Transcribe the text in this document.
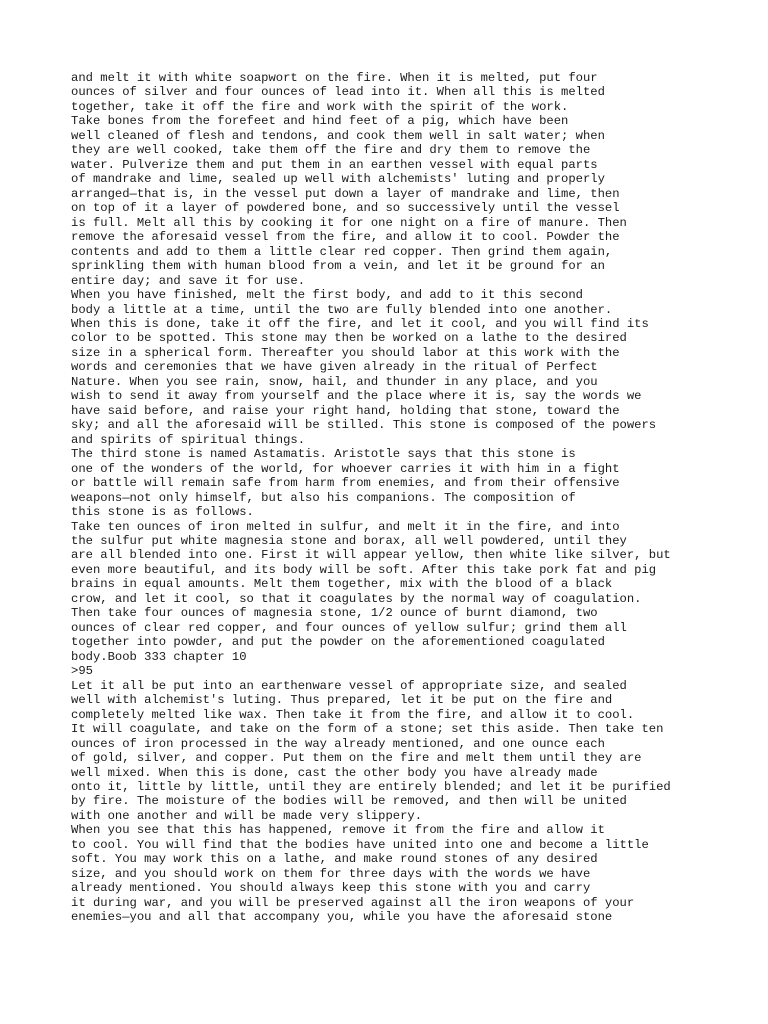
and melt it with white soapwort on the fire. When it is melted, put four
ounces of silver and four ounces of lead into it. When all this is melted
together, take it off the fire and work with the spirit of the work.
Take bones from the forefeet and hind feet of a pig, which have been
well cleaned of flesh and tendons, and cook them well in salt water; when
they are well cooked, take them off the fire and dry them to remove the
water. Pulverize them and put them in an earthen vessel with equal parts
of mandrake and lime, sealed up well with alchemists' luting and properly
arranged—that is, in the vessel put down a layer of mandrake and lime, then
on top of it a layer of powdered bone, and so successively until the vessel
is full. Melt all this by cooking it for one night on a fire of manure. Then
remove the aforesaid vessel from the fire, and allow it to cool. Powder the
contents and add to them a little clear red copper. Then grind them again,
sprinkling them with human blood from a vein, and let it be ground for an
entire day; and save it for use.
When you have finished, melt the first body, and add to it this second
body a little at a time, until the two are fully blended into one another.
When this is done, take it off the fire, and let it cool, and you will find its
color to be spotted. This stone may then be worked on a lathe to the desired
size in a spherical form. Thereafter you should labor at this work with the
words and ceremonies that we have given already in the ritual of Perfect
Nature. When you see rain, snow, hail, and thunder in any place, and you
wish to send it away from yourself and the place where it is, say the words we
have said before, and raise your right hand, holding that stone, toward the
sky; and all the aforesaid will be stilled. This stone is composed of the powers
and spirits of spiritual things.
The third stone is named Astamatis. Aristotle says that this stone is
one of the wonders of the world, for whoever carries it with him in a fight
or battle will remain safe from harm from enemies, and from their offensive
weapons—not only himself, but also his companions. The composition of
this stone is as follows.
Take ten ounces of iron melted in sulfur, and melt it in the fire, and into
the sulfur put white magnesia stone and borax, all well powdered, until they
are all blended into one. First it will appear yellow, then white like silver, but
even more beautiful, and its body will be soft. After this take pork fat and pig
brains in equal amounts. Melt them together, mix with the blood of a black
crow, and let it cool, so that it coagulates by the normal way of coagulation.
Then take four ounces of magnesia stone, 1/2 ounce of burnt diamond, two
ounces of clear red copper, and four ounces of yellow sulfur; grind them all
together into powder, and put the powder on the aforementioned coagulated
body.Boob 333 chapter 10
>95
Let it all be put into an earthenware vessel of appropriate size, and sealed
well with alchemist's luting. Thus prepared, let it be put on the fire and
completely melted like wax. Then take it from the fire, and allow it to cool.
It will coagulate, and take on the form of a stone; set this aside. Then take ten
ounces of iron processed in the way already mentioned, and one ounce each
of gold, silver, and copper. Put them on the fire and melt them until they are
well mixed. When this is done, cast the other body you have already made
onto it, little by little, until they are entirely blended; and let it be purified
by fire. The moisture of the bodies will be removed, and then will be united
with one another and will be made very slippery.
When you see that this has happened, remove it from the fire and allow it
to cool. You will find that the bodies have united into one and become a little
soft. You may work this on a lathe, and make round stones of any desired
size, and you should work on them for three days with the words we have
already mentioned. You should always keep this stone with you and carry
it during war, and you will be preserved against all the iron weapons of your
enemies—you and all that accompany you, while you have the aforesaid stone
